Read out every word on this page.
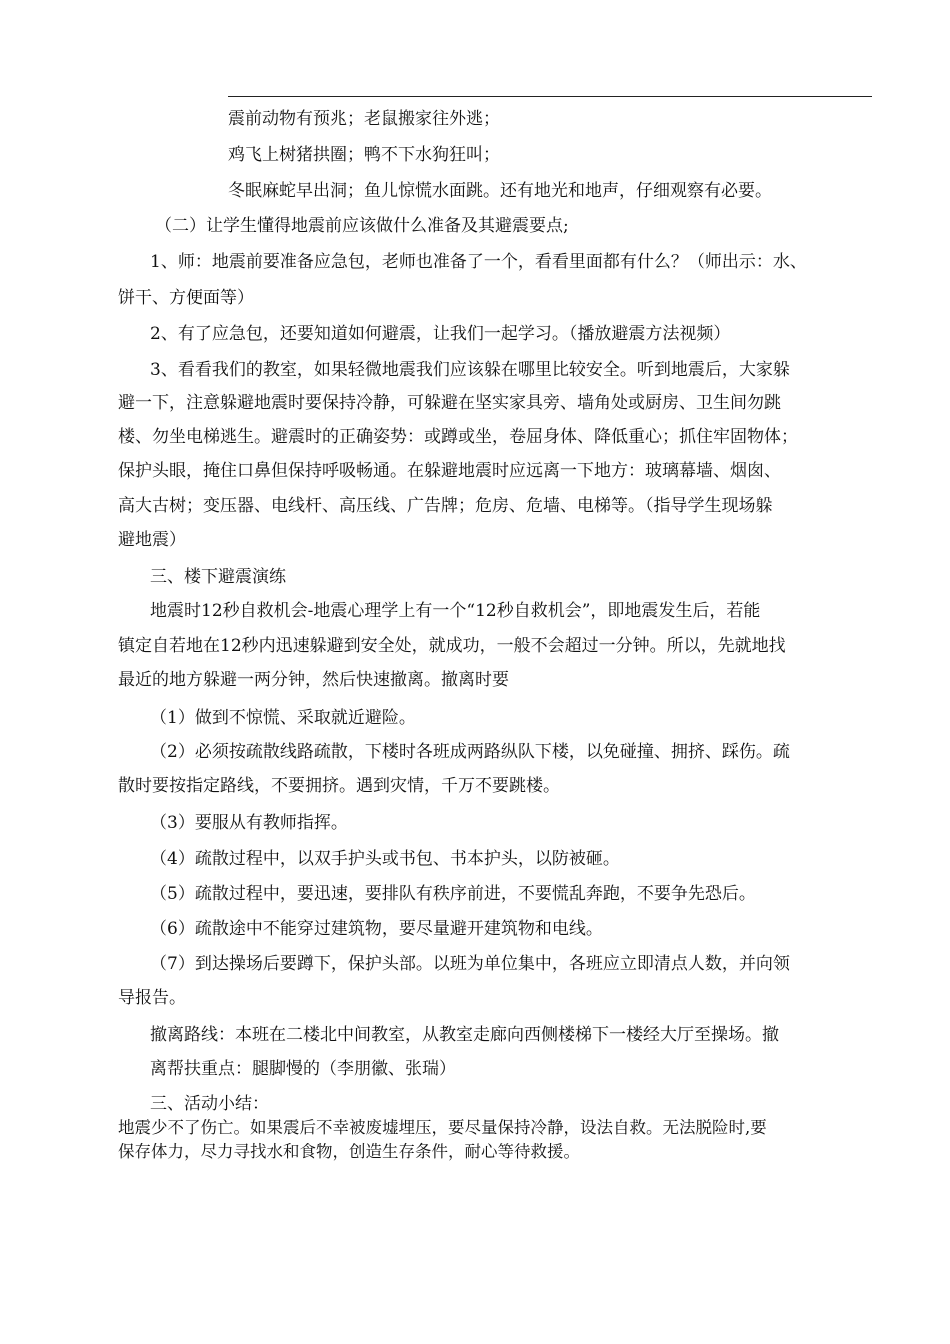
震前动物有预兆；老鼠搬家往外逃；
鸡飞上树猪拱圈；鸭不下水狗狂叫；
冬眠麻蛇早出洞；鱼儿惊慌水面跳。还有地光和地声，仔细观察有必要。
（二）让学生懂得地震前应该做什么准备及其避震要点;
1、师：地震前要准备应急包，老师也准备了一个，看看里面都有什么？（师出示：水、
饼干、方便面等）
2、有了应急包，还要知道如何避震，让我们一起学习。（播放避震方法视频）
3、看看我们的教室，如果轻微地震我们应该躲在哪里比较安全。听到地震后，大家躲
避一下，注意躲避地震时要保持冷静，可躲避在坚实家具旁、墙角处或厨房、卫生间勿跳
楼、勿坐电梯逃生。避震时的正确姿势：或蹲或坐，卷屈身体、降低重心；抓住牢固物体；
保护头眼，掩住口鼻但保持呼吸畅通。在躲避地震时应远离一下地方：玻璃幕墙、烟囱、
高大古树；变压器、电线杆、高压线、广告牌；危房、危墙、电梯等。（指导学生现场躲
避地震）
三、楼下避震演练
地震时12秒自救机会-地震心理学上有一个“12秒自救机会”，即地震发生后，若能
镇定自若地在12秒内迅速躲避到安全处，就成功，一般不会超过一分钟。所以，先就地找
最近的地方躲避一两分钟，然后快速撤离。撤离时要
（1）做到不惊慌、采取就近避险。
（2）必须按疏散线路疏散，下楼时各班成两路纵队下楼，以免碰撞、拥挤、踩伤。疏
散时要按指定路线，不要拥挤。遇到灾情，千万不要跳楼。
（3）要服从有教师指挥。
（4）疏散过程中，以双手护头或书包、书本护头，以防被砸。
（5）疏散过程中，要迅速，要排队有秩序前进，不要慌乱奔跑，不要争先恐后。
（6）疏散途中不能穿过建筑物，要尽量避开建筑物和电线。
（7）到达操场后要蹲下，保护头部。以班为单位集中，各班应立即清点人数，并向领
导报告。
撤离路线：本班在二楼北中间教室，从教室走廊向西侧楼梯下一楼经大厅至操场。撤
离帮扶重点：腿脚慢的（李朋徽、张瑞）
三、活动小结：
地震少不了伤亡。如果震后不幸被废墟埋压，要尽量保持冷静，设法自救。无法脱险时,要
保存体力，尽力寻找水和食物，创造生存条件，耐心等待救援。
